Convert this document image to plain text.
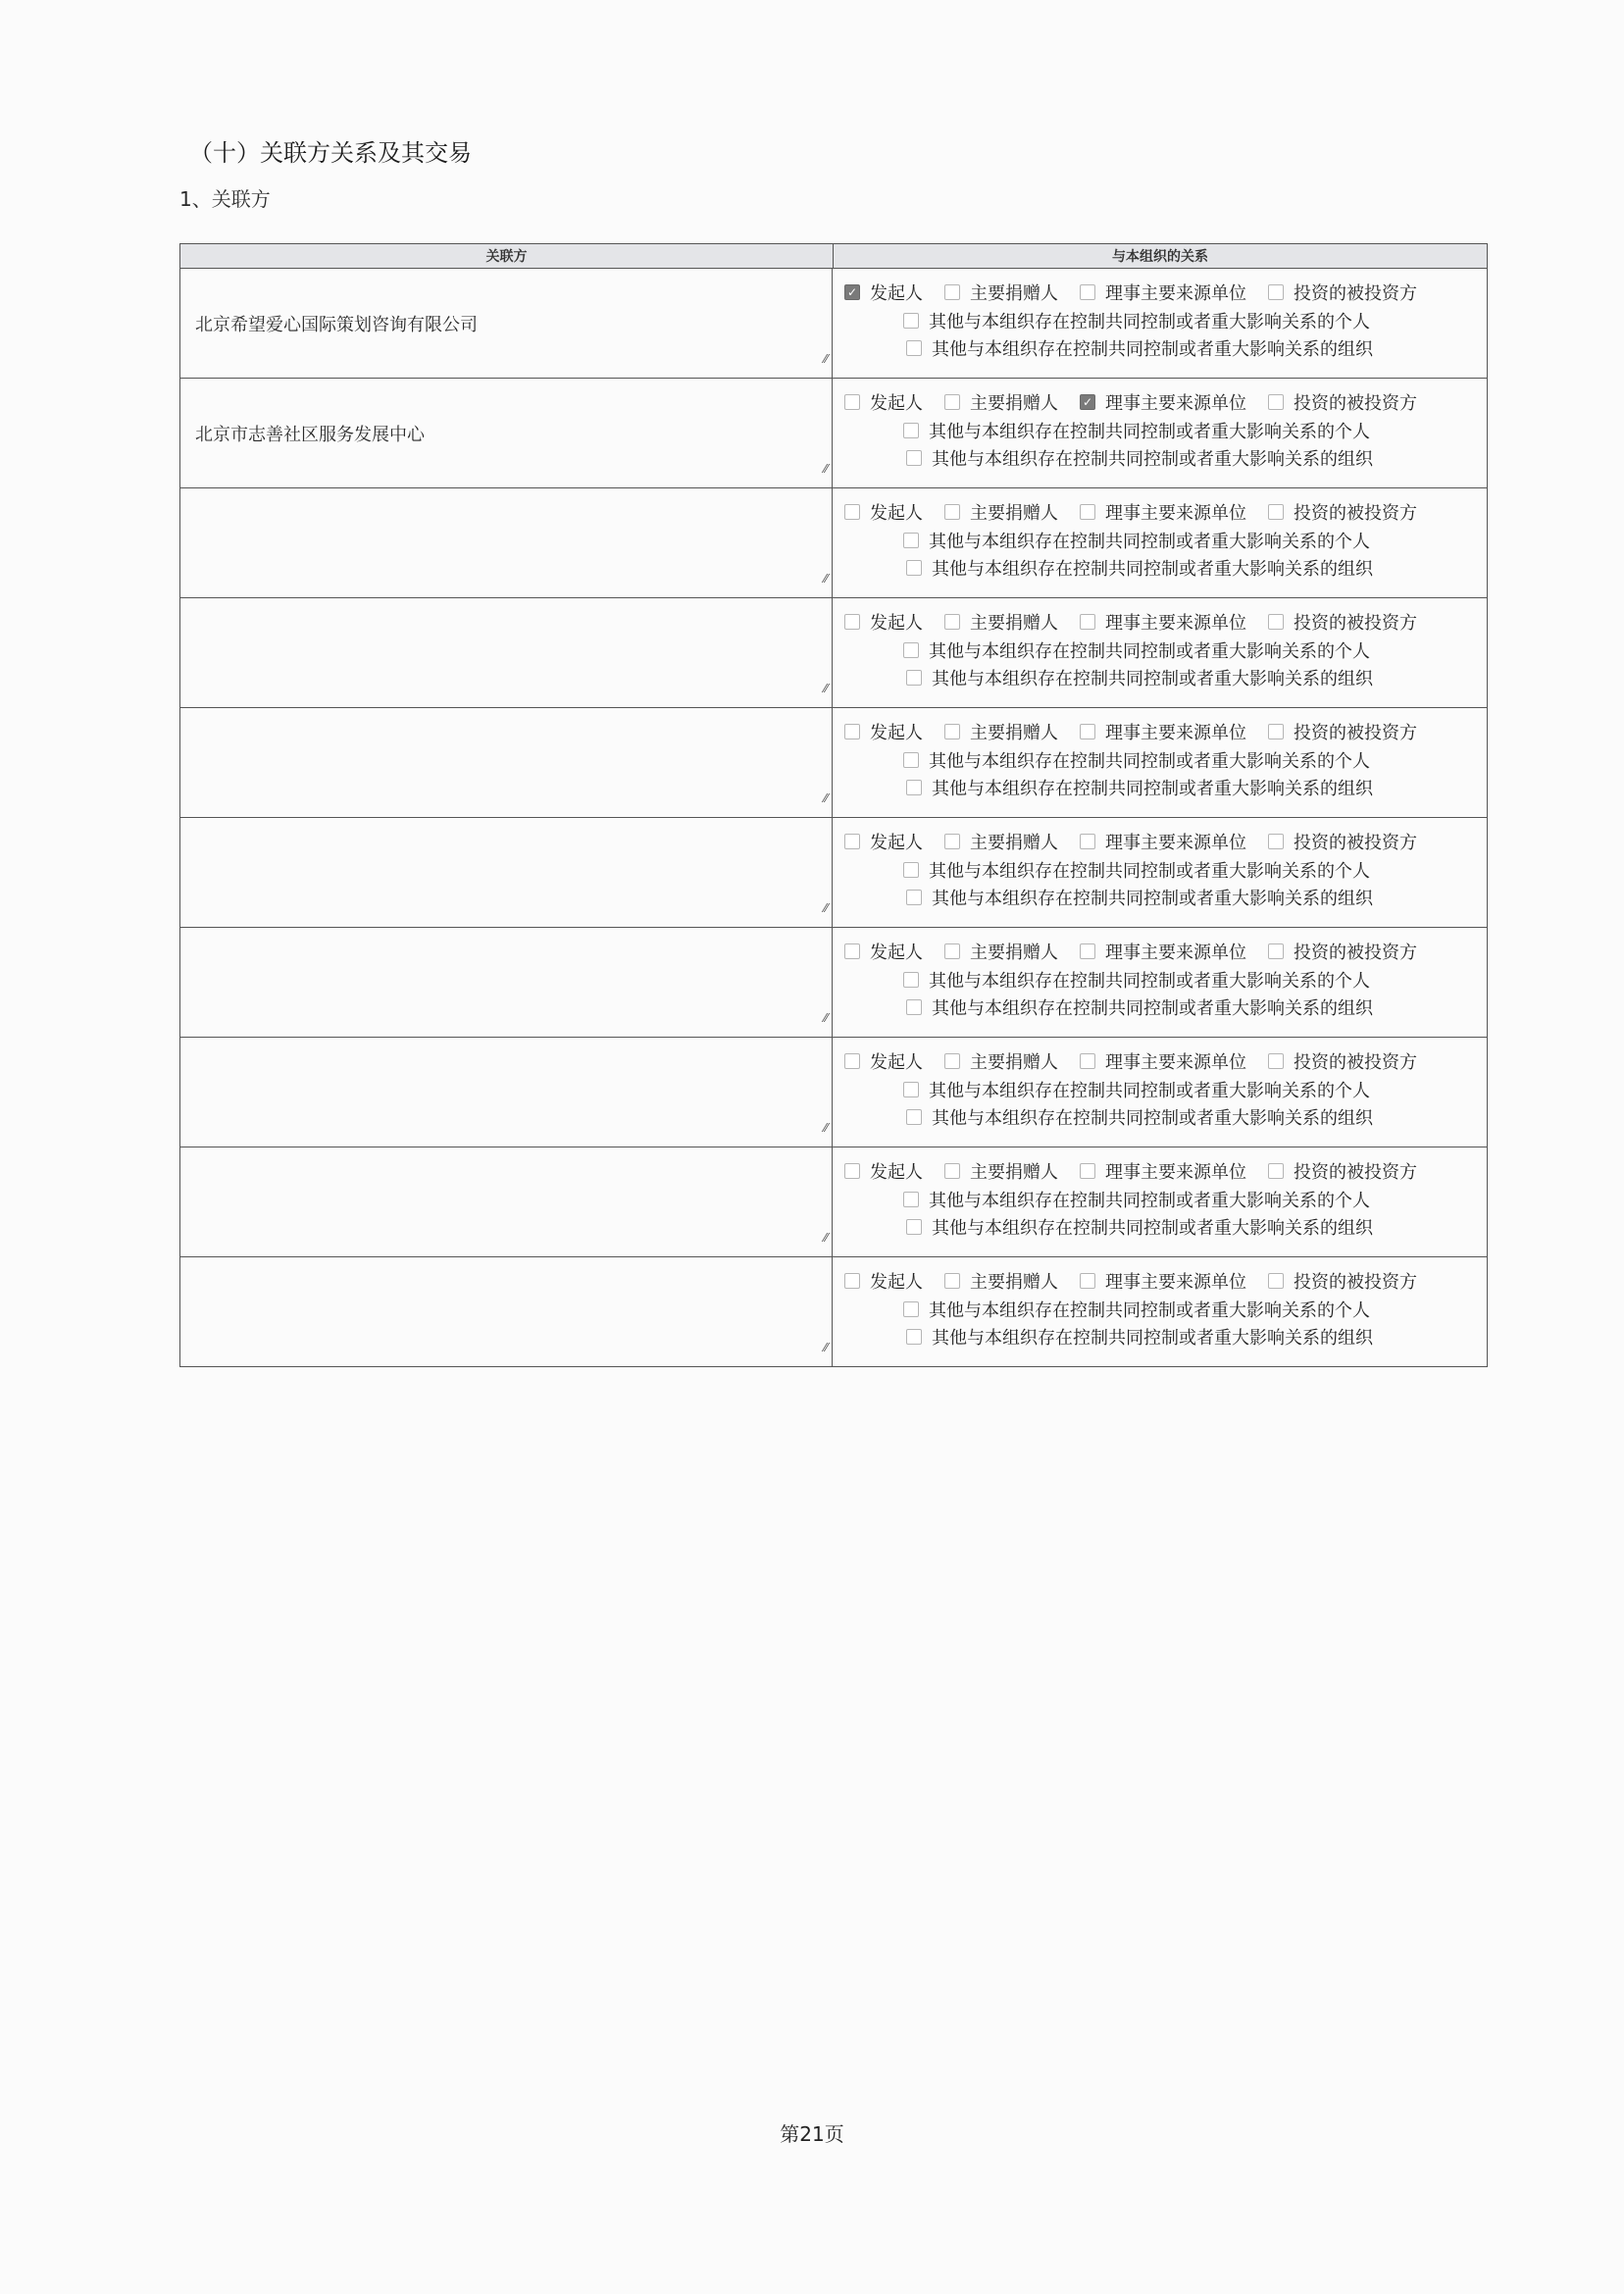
（十）关联方关系及其交易
1、关联方
关联方	与本组织的关系
北京希望爱心国际策划咨询有限公司
⁄⁄
✓ 发起人	主要捐赠人	理事主要来源单位	投资的被投资方
其他与本组织存在控制共同控制或者重大影响关系的个人
其他与本组织存在控制共同控制或者重大影响关系的组织
北京市志善社区服务发展中心
⁄⁄
发起人	主要捐赠人 ✓ 理事主要来源单位	投资的被投资方
其他与本组织存在控制共同控制或者重大影响关系的个人
其他与本组织存在控制共同控制或者重大影响关系的组织
⁄⁄
发起人	主要捐赠人	理事主要来源单位	投资的被投资方
其他与本组织存在控制共同控制或者重大影响关系的个人
其他与本组织存在控制共同控制或者重大影响关系的组织
⁄⁄
发起人	主要捐赠人	理事主要来源单位	投资的被投资方
其他与本组织存在控制共同控制或者重大影响关系的个人
其他与本组织存在控制共同控制或者重大影响关系的组织
⁄⁄
发起人	主要捐赠人	理事主要来源单位	投资的被投资方
其他与本组织存在控制共同控制或者重大影响关系的个人
其他与本组织存在控制共同控制或者重大影响关系的组织
⁄⁄
发起人	主要捐赠人	理事主要来源单位	投资的被投资方
其他与本组织存在控制共同控制或者重大影响关系的个人
其他与本组织存在控制共同控制或者重大影响关系的组织
⁄⁄
发起人	主要捐赠人	理事主要来源单位	投资的被投资方
其他与本组织存在控制共同控制或者重大影响关系的个人
其他与本组织存在控制共同控制或者重大影响关系的组织
⁄⁄
发起人	主要捐赠人	理事主要来源单位	投资的被投资方
其他与本组织存在控制共同控制或者重大影响关系的个人
其他与本组织存在控制共同控制或者重大影响关系的组织
⁄⁄
发起人	主要捐赠人	理事主要来源单位	投资的被投资方
其他与本组织存在控制共同控制或者重大影响关系的个人
其他与本组织存在控制共同控制或者重大影响关系的组织
⁄⁄
发起人	主要捐赠人	理事主要来源单位	投资的被投资方
其他与本组织存在控制共同控制或者重大影响关系的个人
其他与本组织存在控制共同控制或者重大影响关系的组织
第21页
